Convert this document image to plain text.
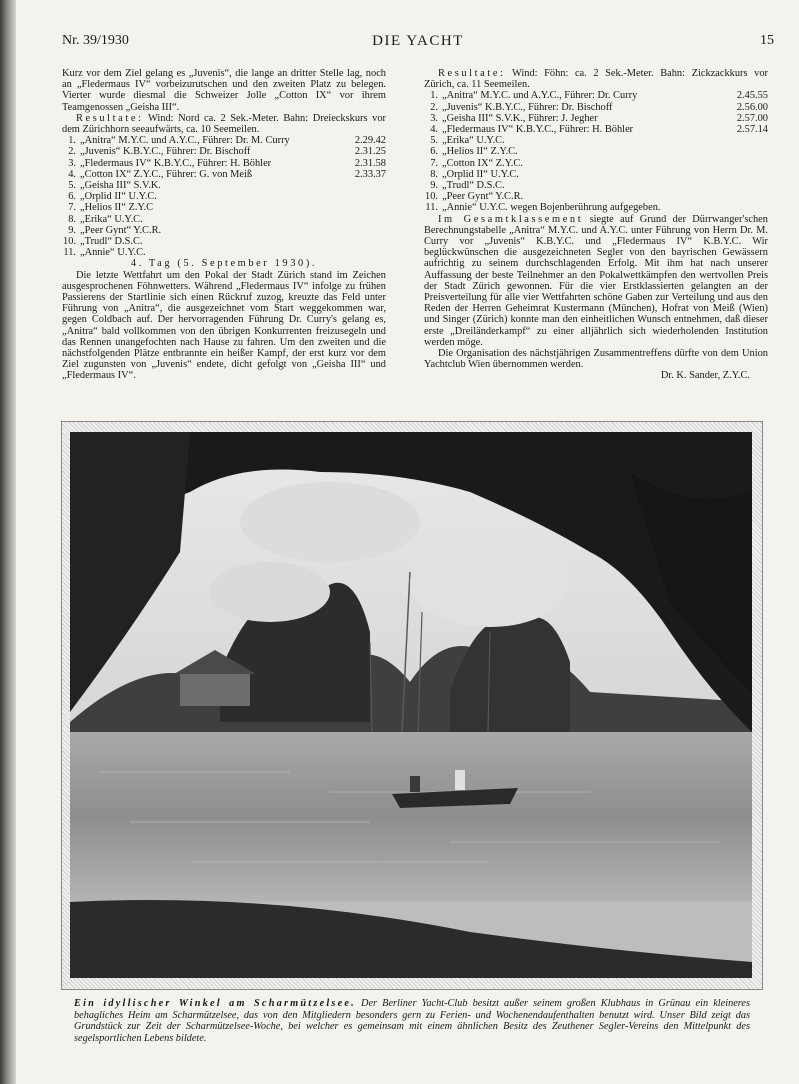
Nr. 39/1930	DIE YACHT	15

Kurz vor dem Ziel gelang es „Juvenis“, die lange an dritter Stelle lag, noch an „Fledermaus IV“ vorbeizurutschen und den zweiten Platz zu belegen. Vierter wurde diesmal die Schweizer Jolle „Cotton IX“ vor ihrem Teamgenossen „Geisha III“.

Resultate: Wind: Nord ca. 2 Sek.-Meter. Bahn: Dreieckskurs vor dem Zürichhorn seeaufwärts, ca. 10 Seemeilen.

1. „Anitra“ M.Y.C. und A.Y.C., Führer: Dr. M. Curry	2.29.42
2. „Juvenis“ K.B.Y.C., Führer: Dr. Bischoff	2.31.25
3. „Fledermaus IV“ K.B.Y.C., Führer: H. Böhler	2.31.58
4. „Cotton IX“ Z.Y.C., Führer: G. von Meiß	2.33.37
5. „Geisha III“ S.V.K.
6. „Orplid II“ U.Y.C.
7. „Helios II“ Z.Y.C
8. „Erika“ U.Y.C.
9. „Peer Gynt“ Y.C.R.
10. „Trudl“ D.S.C.
11. „Annie“ U.Y.C.

4. Tag (5. September 1930).

Die letzte Wettfahrt um den Pokal der Stadt Zürich stand im Zeichen ausgesprochenen Föhnwetters. Während „Fledermaus IV“ infolge zu frühen Passierens der Startlinie sich einen Rückruf zuzog, kreuzte das Feld unter Führung von „Anitra“, die ausgezeichnet vom Start weggekommen war, gegen Coldbach auf. Der hervorragenden Führung Dr. Curry's gelang es, „Anitra“ bald vollkommen von den übrigen Konkurrenten freizusegeln und das Rennen unangefochten nach Hause zu fahren. Um den zweiten und die nächstfolgenden Plätze entbrannte ein heißer Kampf, der erst kurz vor dem Ziel zugunsten von „Juvenis“ endete, dicht gefolgt von „Geisha III“ und „Fledermaus IV“.

Resultate: Wind: Föhn: ca. 2 Sek.-Meter. Bahn: Zickzackkurs vor Zürich, ca. 11 Seemeilen.

1. „Anitra“ M.Y.C. und A.Y.C., Führer: Dr. Curry	2.45.55
2. „Juvenis“ K.B.Y.C., Führer: Dr. Bischoff	2.56.00
3. „Geisha III“ S.V.K., Führer: J. Jegher	2.57.00
4. „Fledermaus IV“ K.B.Y.C., Führer: H. Böhler	2.57.14
5. „Erika“ U.Y.C.
6. „Helios II“ Z.Y.C.
7. „Cotton IX“ Z.Y.C.
8. „Orplid II“ U.Y.C.
9. „Trudl“ D.S.C.
10. „Peer Gynt“ Y.C.R.
11. „Annie“ U.Y.C. wegen Bojenberührung aufgegeben.

Im Gesamtklassement siegte auf Grund der Dürrwanger'schen Berechnungstabelle „Anitra“ M.Y.C. und A.Y.C. unter Führung von Herrn Dr. M. Curry vor „Juvenis“ K.B.Y.C. und „Fledermaus IV“ K.B.Y.C. Wir beglückwünschen die ausgezeichneten Segler von den bayrischen Gewässern aufrichtig zu seinem durchschlagenden Erfolg. Mit ihm hat nach unserer Auffassung der beste Teilnehmer an den Pokalwettkämpfen den wertvollen Preis der Stadt Zürich gewonnen. Für die vier Erstklassierten gelangten an der Preisverteilung für alle vier Wettfahrten schöne Gaben zur Verteilung und aus den Reden der Herren Geheimrat Kustermann (München), Hofrat von Meiß (Wien) und Singer (Zürich) konnte man den einheitlichen Wunsch entnehmen, daß dieser erste „Dreiländerkampf“ zu einer alljährlich sich wiederholenden Institution werden möge.

Die Organisation des nächstjährigen Zusammentreffens dürfte von dem Union Yachtclub Wien übernommen werden.

Dr. K. Sander, Z.Y.C.

Ein idyllischer Winkel am Scharmützelsee. Der Berliner Yacht-Club besitzt außer seinem großen Klubhaus in Grünau ein kleineres behagliches Heim am Scharmützelsee, das von den Mitgliedern besonders gern zu Ferien- und Wochenendaufenthalten benutzt wird. Unser Bild zeigt das Grundstück zur Zeit der Scharmützelsee-Woche, bei welcher es gemeinsam mit einem ähnlichen Besitz des Zeuthener Segler-Vereins den Mittelpunkt des segelsportlichen Lebens bildete.
